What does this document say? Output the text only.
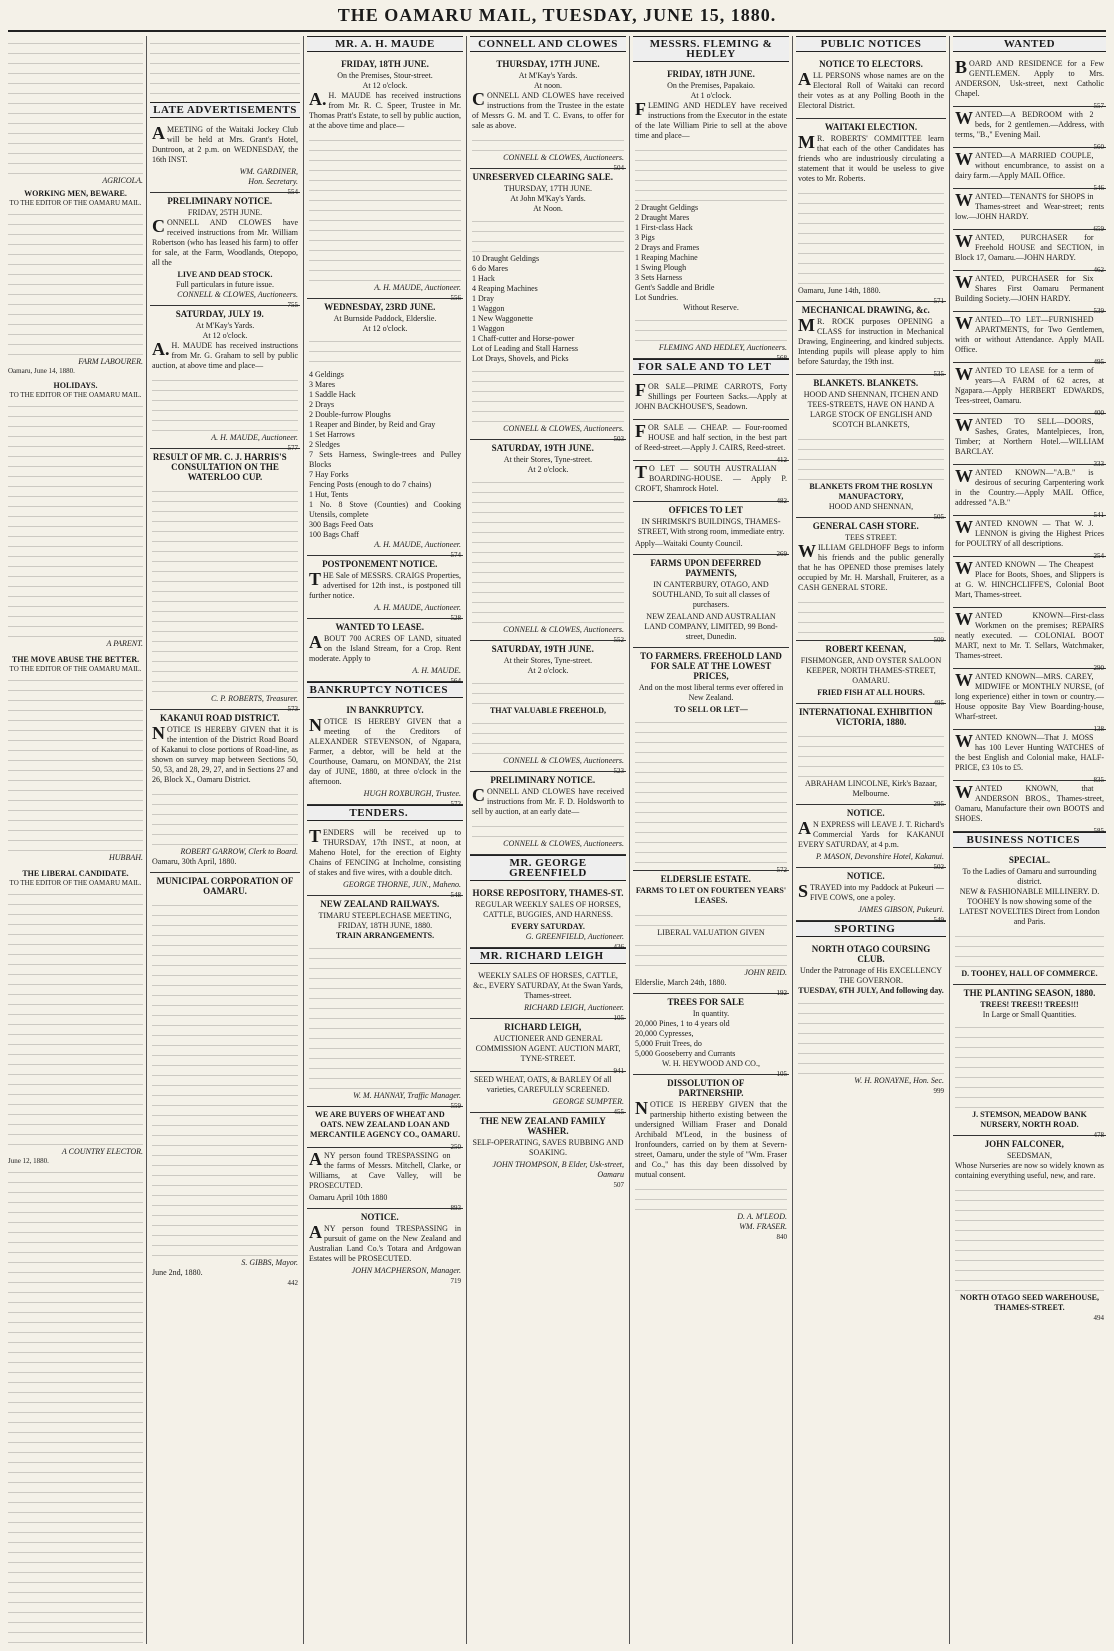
THE OAMARU MAIL, TUESDAY, JUNE 15, 1880.
AGRICOLA.
WORKING MEN, BEWARE.
TO THE EDITOR OF THE OAMARU MAIL.
FARM LABOURER.
Oamaru, June 14, 1880.
HOLIDAYS.
TO THE EDITOR OF THE OAMARU MAIL.
A PARENT.
THE MOVE ABUSE THE BETTER.
TO THE EDITOR OF THE OAMARU MAIL.
HUBBAH.
THE LIBERAL CANDIDATE.
TO THE EDITOR OF THE OAMARU MAIL.
A COUNTRY ELECTOR.
June 12, 1880.
LATE ADVERTISEMENTS

AMEETING of the Waitaki Jockey Club will be held at Mrs. Grant's Hotel, Duntroon, at 2 p.m. on WEDNESDAY, the 16th INST.

WM. GARDINER,
Hon. Secretary.
554
PRELIMINARY NOTICE.
FRIDAY, 25TH JUNE.

CONNELL AND CLOWES have received instructions from Mr. William Robertson (who has leased his farm) to offer for sale, at the Farm, Woodlands, Otepopo, all the

LIVE AND DEAD STOCK.
Full particulars in future issue.
CONNELL & CLOWES, Auctioneers.
755
SATURDAY, JULY 19.
At M'Kay's Yards.
At 12 o'clock.

A.H. MAUDE has received instructions from Mr. G. Graham to sell by public auction, at above time and place—

A. H. MAUDE, Auctioneer.
577
RESULT OF MR. C. J. HARRIS'S CONSULTATION ON THE WATERLOO CUP.
C. P. ROBERTS, Treasurer.
573
KAKANUI ROAD DISTRICT.

NOTICE IS HEREBY GIVEN that it is the intention of the District Road Board of Kakanui to close portions of Road-line, as shown on survey map between Sections 50, 50, 53, and 28, 29, 27, and in Sections 27 and 26, Block X., Oamaru District.

ROBERT GARROW, Clerk to Board.
Oamaru, 30th April, 1880.
MUNICIPAL CORPORATION OF OAMARU.
S. GIBBS, Mayor.
June 2nd, 1880.
442
MR. A. H. MAUDE
FRIDAY, 18TH JUNE.
On the Premises, Stour-street.
At 12 o'clock.

A.H. MAUDE has received instructions from Mr. R. C. Speer, Trustee in Mr. Thomas Pratt's Estate, to sell by public auction, at the above time and place—

A. H. MAUDE, Auctioneer.
556
WEDNESDAY, 23RD JUNE.
At Burnside Paddock, Elderslie.
At 12 o'clock.
4 Geldings
3 Mares
1 Saddle Hack
2 Drays
2 Double-furrow Ploughs
1 Reaper and Binder, by Reid and Gray
1 Set Harrows
2 Sledges
7 Sets Harness, Swingle-trees and Pulley Blocks
7 Hay Forks
Fencing Posts (enough to do 7 chains)
1 Hut, Tents
1 No. 8 Stove (Counties) and Cooking Utensils, complete
300 Bags Feed Oats
100 Bags Chaff
A. H. MAUDE, Auctioneer.
574
POSTPONEMENT NOTICE.

THE Sale of MESSRS. CRAIGS Properties, advertised for 12th inst., is postponed till further notice.

A. H. MAUDE, Auctioneer.
528
WANTED TO LEASE.

ABOUT 700 ACRES OF LAND, situated on the Island Stream, for a Crop. Rent moderate. Apply to

A. H. MAUDE.
564
BANKRUPTCY NOTICES
IN BANKRUPTCY.

NOTICE IS HEREBY GIVEN that a meeting of the Creditors of ALEXANDER STEVENSON, of Ngapara, Farmer, a debtor, will be held at the Courthouse, Oamaru, on MONDAY, the 21st day of JUNE, 1880, at three o'clock in the afternoon.

HUGH ROXBURGH, Trustee.
572
TENDERS.

TENDERS will be received up to THURSDAY, 17th INST., at noon, at Maheno Hotel, for the erection of Eighty Chains of FENCING at Incholme, consisting of stakes and five wires, with a double ditch.

GEORGE THORNE, JUN., Maheno.
548
NEW ZEALAND RAILWAYS.
TIMARU STEEPLECHASE MEETING, FRIDAY, 18TH JUNE, 1880.
TRAIN ARRANGEMENTS.
W. M. HANNAY, Traffic Manager.
559

WE ARE BUYERS OF WHEAT AND OATS. NEW ZEALAND LOAN AND MERCANTILE AGENCY CO., OAMARU.

250

ANY person found TRESPASSING on the farms of Messrs. Mitchell, Clarke, or Williams, at Cave Valley, will be PROSECUTED.

Oamaru April 10th 1880
893
NOTICE.

ANY person found TRESPASSING in pursuit of game on the New Zealand and Australian Land Co.'s Totara and Ardgowan Estates will be PROSECUTED.

JOHN MACPHERSON, Manager.
719
CONNELL AND CLOWES
THURSDAY, 17TH JUNE.
At M'Kay's Yards.
At noon.

CONNELL AND CLOWES have received instructions from the Trustee in the estate of Messrs G. M. and T. C. Evans, to offer for sale as above.

CONNELL & CLOWES, Auctioneers.
504
UNRESERVED CLEARING SALE.
THURSDAY, 17TH JUNE.
At John M'Kay's Yards.
At Noon.
10 Draught Geldings
6 do Mares
1 Hack
4 Reaping Machines
1 Dray
1 Waggon
1 New Waggonette
1 Waggon
1 Chaff-cutter and Horse-power
Lot of Leading and Stall Harness
Lot Drays, Shovels, and Picks
CONNELL & CLOWES, Auctioneers.
503
SATURDAY, 19TH JUNE.
At their Stores, Tyne-street.
At 2 o'clock.
CONNELL & CLOWES, Auctioneers.
552
SATURDAY, 19TH JUNE.
At their Stores, Tyne-street.
At 2 o'clock.
THAT VALUABLE FREEHOLD,
CONNELL & CLOWES, Auctioneers.
523
PRELIMINARY NOTICE.

CONNELL AND CLOWES have received instructions from Mr. F. D. Holdsworth to sell by auction, at an early date—

CONNELL & CLOWES, Auctioneers.
MR. GEORGE GREENFIELD
HORSE REPOSITORY, THAMES-ST.

REGULAR WEEKLY SALES OF HORSES, CATTLE, BUGGIES, AND HARNESS.

EVERY SATURDAY.
G. GREENFIELD, Auctioneer.
436
MR. RICHARD LEIGH

WEEKLY SALES OF HORSES, CATTLE, &c., EVERY SATURDAY, At the Swan Yards, Thames-street.

RICHARD LEIGH, Auctioneer.
105
RICHARD LEIGH,

AUCTIONEER AND GENERAL COMMISSION AGENT. AUCTION MART, TYNE-STREET.

941

SEED WHEAT, OATS, & BARLEY Of all varieties, CAREFULLY SCREENED.

GEORGE SUMPTER.
455
THE NEW ZEALAND FAMILY WASHER.

SELF-OPERATING, SAVES RUBBING AND SOAKING.

JOHN THOMPSON, B Elder, Usk-street, Oamaru
507
MESSRS. FLEMING & HEDLEY
FRIDAY, 18TH JUNE.
On the Premises, Papakaio.
At 1 o'clock.

FLEMING AND HEDLEY have received instructions from the Executor in the estate of the late William Pirie to sell at the above time and place—

2 Draught Geldings
2 Draught Mares
1 First-class Hack
3 Pigs
2 Drays and Frames
1 Reaping Machine
1 Swing Plough
3 Sets Harness
Gent's Saddle and Bridle
Lot Sundries.
Without Reserve.
FLEMING AND HEDLEY, Auctioneers.
568
FOR SALE AND TO LET

FOR SALE—PRIME CARROTS, Forty Shillings per Fourteen Sacks.—Apply at JOHN BACKHOUSE'S, Seadown.

FOR SALE — CHEAP. — Four-roomed HOUSE and half section, in the best part of Reed-street.—Apply J. CAIRS, Reed-street.

412

TO LET — SOUTH AUSTRALIAN BOARDING-HOUSE. — Apply P. CROFT, Shamrock Hotel.

482
OFFICES TO LET

IN SHRIMSKI'S BUILDINGS, THAMES-STREET, With strong room, immediate entry.

Apply—Waitaki County Council.
269
FARMS UPON DEFERRED PAYMENTS,

IN CANTERBURY, OTAGO, AND SOUTHLAND, To suit all classes of purchasers.

NEW ZEALAND AND AUSTRALIAN LAND COMPANY, LIMITED, 99 Bond-street, Dunedin.
TO FARMERS. FREEHOLD LAND FOR SALE AT THE LOWEST PRICES,

And on the most liberal terms ever offered in New Zealand.

TO SELL OR LET—
572
ELDERSLIE ESTATE.

FARMS TO LET ON FOURTEEN YEARS' LEASES.

LIBERAL VALUATION GIVEN
JOHN REID.
Elderslie, March 24th, 1880.
192
TREES FOR SALE
In quantity.
20,000 Pines, 1 to 4 years old
20,000 Cypresses,
5,000 Fruit Trees, do
5,000 Gooseberry and Currants
W. H. HEYWOOD AND CO.,
105
DISSOLUTION OF PARTNERSHIP.

NOTICE IS HEREBY GIVEN that the partnership hitherto existing between the undersigned William Fraser and Donald Archibald M'Leod, in the business of Ironfounders, carried on by them at Severn-street, Oamaru, under the style of "Wm. Fraser and Co.," has this day been dissolved by mutual consent.

D. A. M'LEOD.
WM. FRASER.
840
PUBLIC NOTICES
NOTICE TO ELECTORS.

ALL PERSONS whose names are on the Electoral Roll of Waitaki can record their votes as at any Polling Booth in the Electoral District.

WAITAKI ELECTION.

MR. ROBERTS' COMMITTEE learn that each of the other Candidates has friends who are industriously circulating a statement that it would be useless to give votes to Mr. Roberts.

Oamaru, June 14th, 1880.
571
MECHANICAL DRAWING, &c.

MR. ROCK purposes OPENING a CLASS for instruction in Mechanical Drawing, Engineering, and kindred subjects. Intending pupils will please apply to him before Saturday, the 19th inst.

535
BLANKETS. BLANKETS.

HOOD AND SHENNAN, ITCHEN AND TEES-STREETS, HAVE ON HAND A LARGE STOCK OF ENGLISH AND SCOTCH BLANKETS,

BLANKETS FROM THE ROSLYN MANUFACTORY,
HOOD AND SHENNAN,
505
GENERAL CASH STORE.
TEES STREET.

WILLIAM GELDHOFF Begs to inform his friends and the public generally that he has OPENED those premises lately occupied by Mr. H. Marshall, Fruiterer, as a CASH GENERAL STORE.

509
ROBERT KEENAN,

FISHMONGER, AND OYSTER SALOON KEEPER, NORTH THAMES-STREET, OAMARU.

FRIED FISH AT ALL HOURS.
495
INTERNATIONAL EXHIBITION VICTORIA, 1880.
ABRAHAM LINCOLNE, Kirk's Bazaar, Melbourne.
295
NOTICE.

AN EXPRESS will LEAVE J. T. Richard's Commercial Yards for KAKANUI EVERY SATURDAY, at 4 p.m.

P. MASON, Devonshire Hotel, Kakanui.
502
NOTICE.

STRAYED into my Paddock at Pukeuri —FIVE COWS, one a poley.

JAMES GIBSON, Pukeuri.
549
SPORTING
NORTH OTAGO COURSING CLUB.
Under the Patronage of His EXCELLENCY THE GOVERNOR.
TUESDAY, 6TH JULY, And following day.
W. H. RONAYNE, Hon. Sec.
999
WANTED

BOARD AND RESIDENCE for a Few GENTLEMEN. Apply to Mrs. ANDERSON, Usk-street, next Catholic Chapel.

557

WANTED—A BEDROOM with 2 beds, for 2 gentlemen.—Address, with terms, "B.," Evening Mail.

560

WANTED—A MARRIED COUPLE, without encumbrance, to assist on a dairy farm.—Apply MAIL Office.

546

WANTED—TENANTS for SHOPS in Thames-street and Wear-street; rents low.—JOHN HARDY.

659

WANTED, PURCHASER for Freehold HOUSE and SECTION, in Block 17, Oamaru.—JOHN HARDY.

462

WANTED, PURCHASER for Six Shares First Oamaru Permanent Building Society.—JOHN HARDY.

539

WANTED—TO LET—FURNISHED APARTMENTS, for Two Gentlemen, with or without Attendance. Apply MAIL Office.

495

WANTED TO LEASE for a term of years—A FARM of 62 acres, at Ngapara.—Apply HERBERT EDWARDS, Tees-street, Oamaru.

400

WANTED TO SELL—DOORS, Sashes, Grates, Mantelpieces, Iron, Timber; at Northern Hotel.—WILLIAM BARCLAY.

333

WANTED KNOWN—"A.B." is desirous of securing Carpentering work in the Country.—Apply MAIL Office, addressed "A.B."

541

WANTED KNOWN — That W. J. LENNON is giving the Highest Prices for POULTRY of all descriptions.

254

WANTED KNOWN — The Cheapest Place for Boots, Shoes, and Slippers is at G. W. HINCHCLIFFE'S, Colonial Boot Mart, Thames-street.

WANTED KNOWN—First-class Workmen on the premises; REPAIRS neatly executed. — COLONIAL BOOT MART, next to Mr. T. Sellars, Watchmaker, Thames-street.

290

WANTED KNOWN—MRS. CAREY, MIDWIFE or MONTHLY NURSE, (of long experience) either in town or country.—House opposite Bay View Boarding-house, Wharf-street.

138

WANTED KNOWN—That J. MOSS has 100 Lever Hunting WATCHES of the best English and Colonial make, HALF-PRICE, £3 10s to £5.

835

WANTED KNOWN, that ANDERSON BROS., Thames-street, Oamaru, Manufacture their own BOOTS and SHOES.

585
BUSINESS NOTICES
SPECIAL.
To the Ladies of Oamaru and surrounding district.

NEW & FASHIONABLE MILLINERY. D. TOOHEY Is now showing some of the LATEST NOVELTIES Direct from London and Paris.

D. TOOHEY, HALL OF COMMERCE.
THE PLANTING SEASON, 1880.
TREES! TREES!! TREES!!!
In Large or Small Quantities.
J. STEMSON, MEADOW BANK NURSERY, NORTH ROAD.
478
JOHN FALCONER,
SEEDSMAN,

Whose Nurseries are now so widely known as containing everything useful, new, and rare.

NORTH OTAGO SEED WAREHOUSE, THAMES-STREET.
494
